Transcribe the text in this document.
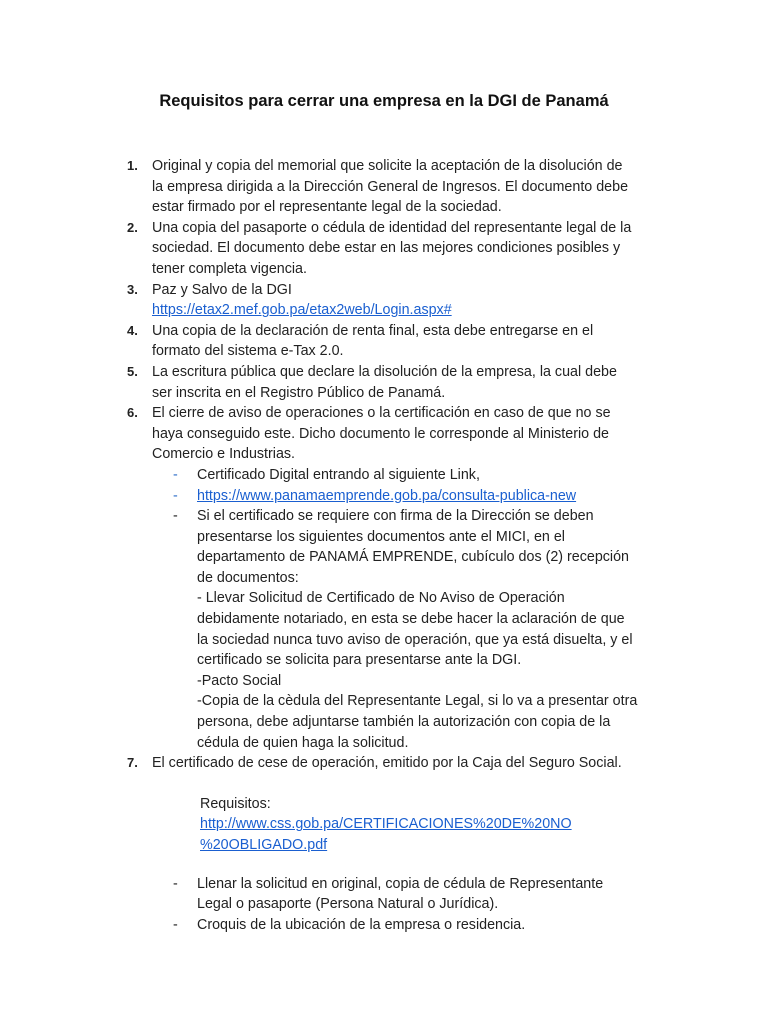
Requisitos para cerrar una empresa en la DGI de Panamá
1. Original y copia del memorial que solicite la aceptación de la disolución de
la empresa dirigida a la Dirección General de Ingresos. El documento debe
estar firmado por el representante legal de la sociedad.
2. Una copia del pasaporte o cédula de identidad del representante legal de la
sociedad. El documento debe estar en las mejores condiciones posibles y
tener completa vigencia.
3. Paz y Salvo de la DGI
https://etax2.mef.gob.pa/etax2web/Login.aspx#
4. Una copia de la declaración de renta final, esta debe entregarse en el
formato del sistema e-Tax 2.0.
5. La escritura pública que declare la disolución de la empresa, la cual debe
ser inscrita en el Registro Público de Panamá.
6. El cierre de aviso de operaciones o la certificación en caso de que no se
haya conseguido este. Dicho documento le corresponde al Ministerio de
Comercio e Industrias.
- Certificado Digital entrando al siguiente Link,
- https://www.panamaemprende.gob.pa/consulta-publica-new
- Si el certificado se requiere con firma de la Dirección se deben
presentarse los siguientes documentos ante el MICI, en el
departamento de PANAMÁ EMPRENDE, cubículo dos (2) recepción
de documentos:
- Llevar Solicitud de Certificado de No Aviso de Operación
debidamente notariado, en esta se debe hacer la aclaración de que
la sociedad nunca tuvo aviso de operación, que ya está disuelta, y el
certificado se solicita para presentarse ante la DGI.
-Pacto Social
-Copia de la cèdula del Representante Legal, si lo va a presentar otra
persona, debe adjuntarse también la autorización con copia de la
cédula de quien haga la solicitud.
7. El certificado de cese de operación, emitido por la Caja del Seguro Social.
Requisitos:
http://www.css.gob.pa/CERTIFICACIONES%20DE%20NO
%20OBLIGADO.pdf
- Llenar la solicitud en original, copia de cédula de Representante
Legal o pasaporte (Persona Natural o Jurídica).
- Croquis de la ubicación de la empresa o residencia.
